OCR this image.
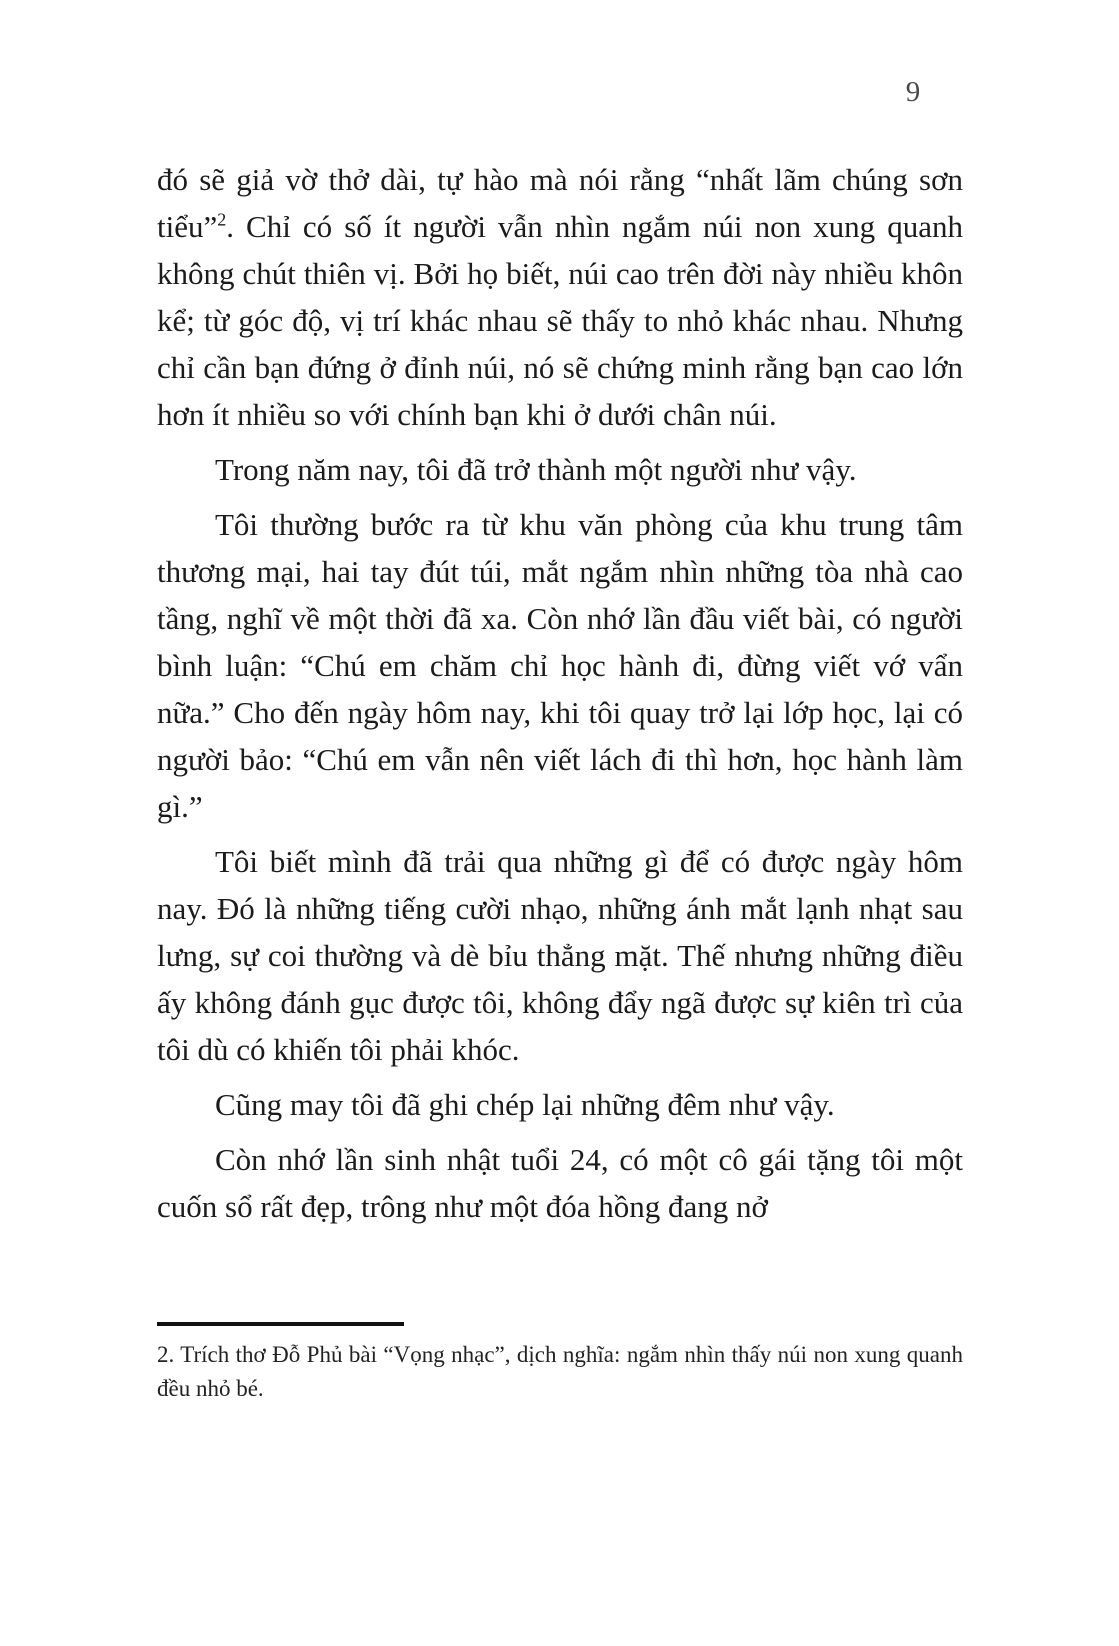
9

đó sẽ giả vờ thở dài, tự hào mà nói rằng “nhất lãm chúng sơn tiểu”$^2$. Chỉ có số ít người vẫn nhìn ngắm núi non xung quanh không chút thiên vị. Bởi họ biết, núi cao trên đời này nhiều khôn kể; từ góc độ, vị trí khác nhau sẽ thấy to nhỏ khác nhau. Nhưng chỉ cần bạn đứng ở đỉnh núi, nó sẽ chứng minh rằng bạn cao lớn hơn ít nhiều so với chính bạn khi ở dưới chân núi.

Trong năm nay, tôi đã trở thành một người như vậy.

Tôi thường bước ra từ khu văn phòng của khu trung tâm thương mại, hai tay đút túi, mắt ngắm nhìn những tòa nhà cao tầng, nghĩ về một thời đã xa. Còn nhớ lần đầu viết bài, có người bình luận: “Chú em chăm chỉ học hành đi, đừng viết vớ vẩn nữa.” Cho đến ngày hôm nay, khi tôi quay trở lại lớp học, lại có người bảo: “Chú em vẫn nên viết lách đi thì hơn, học hành làm gì.”

Tôi biết mình đã trải qua những gì để có được ngày hôm nay. Đó là những tiếng cười nhạo, những ánh mắt lạnh nhạt sau lưng, sự coi thường và dè bỉu thẳng mặt. Thế nhưng những điều ấy không đánh gục được tôi, không đẩy ngã được sự kiên trì của tôi dù có khiến tôi phải khóc.

Cũng may tôi đã ghi chép lại những đêm như vậy.

Còn nhớ lần sinh nhật tuổi 24, có một cô gái tặng tôi một cuốn sổ rất đẹp, trông như một đóa hồng đang nở

2. Trích thơ Đỗ Phủ bài “Vọng nhạc”, dịch nghĩa: ngắm nhìn thấy núi non xung quanh đều nhỏ bé.
